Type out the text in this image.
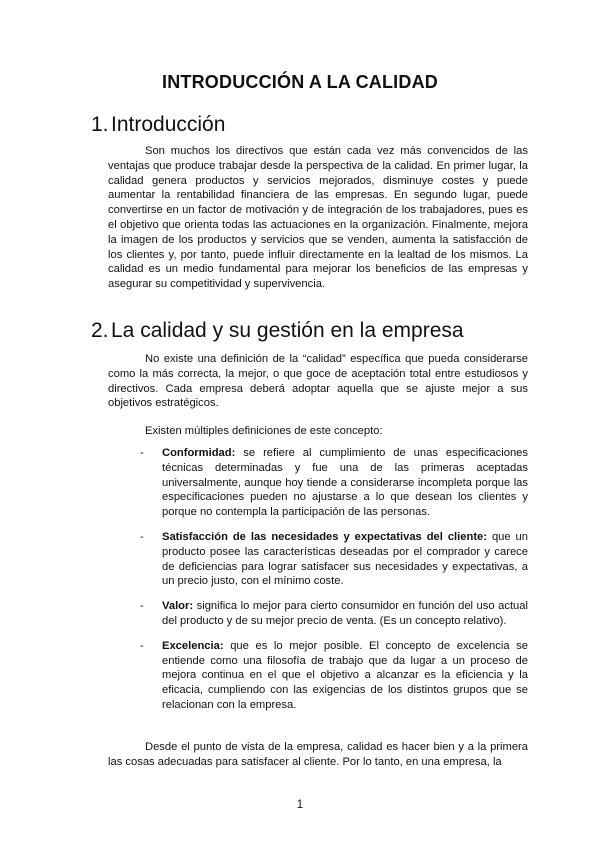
INTRODUCCIÓN A LA CALIDAD
1. Introducción
Son muchos los directivos que están cada vez más convencidos de las ventajas que produce trabajar desde la perspectiva de la calidad. En primer lugar, la calidad genera productos y servicios mejorados, disminuye costes y puede aumentar la rentabilidad financiera de las empresas. En segundo lugar, puede convertirse en un factor de motivación y de integración de los trabajadores, pues es el objetivo que orienta todas las actuaciones en la organización. Finalmente, mejora la imagen de los productos y servicios que se venden, aumenta la satisfacción de los clientes y, por tanto, puede influir directamente en la lealtad de los mismos. La calidad es un medio fundamental para mejorar los beneficios de las empresas y asegurar su competitividad y supervivencia.
2. La calidad y su gestión en la empresa
No existe una definición de la “calidad” específica que pueda considerarse como la más correcta, la mejor, o que goce de aceptación total entre estudiosos y directivos. Cada empresa deberá adoptar aquella que se ajuste mejor a sus objetivos estratégicos.
Existen múltiples definiciones de este concepto:
- Conformidad: se refiere al cumplimiento de unas especificaciones técnicas determinadas y fue una de las primeras aceptadas universalmente, aunque hoy tiende a considerarse incompleta porque las especificaciones pueden no ajustarse a lo que desean los clientes y porque no contempla la participación de las personas.
- Satisfacción de las necesidades y expectativas del cliente: que un producto posee las características deseadas por el comprador y carece de deficiencias para lograr satisfacer sus necesidades y expectativas, a un precio justo, con el mínimo coste.
- Valor: significa lo mejor para cierto consumidor en función del uso actual del producto y de su mejor precio de venta. (Es un concepto relativo).
- Excelencia: que es lo mejor posible. El concepto de excelencia se entiende como una filosofía de trabajo que da lugar a un proceso de mejora continua en el que el objetivo a alcanzar es la eficiencia y la eficacia, cumpliendo con las exigencias de los distintos grupos que se relacionan con la empresa.
Desde el punto de vista de la empresa, calidad es hacer bien y a la primera las cosas adecuadas para satisfacer al cliente. Por lo tanto, en una empresa, la
1
